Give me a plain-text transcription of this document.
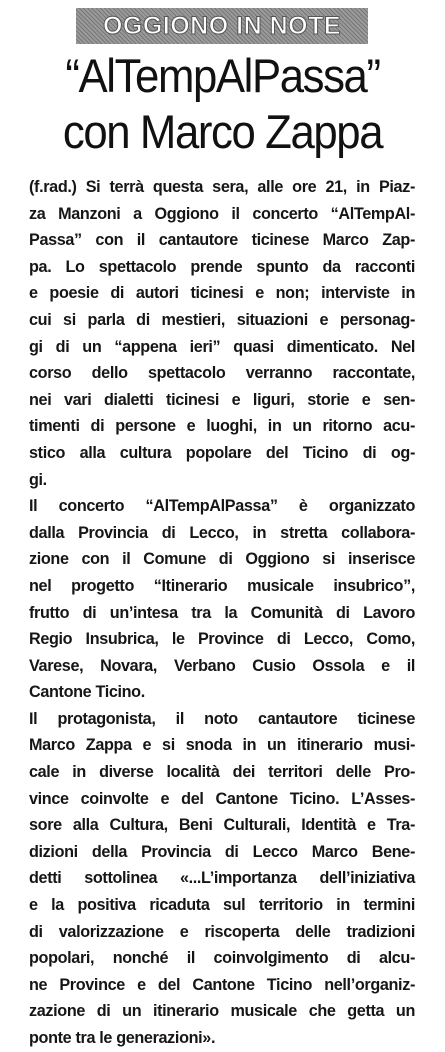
OGGIONO IN NOTE
“AlTempAlPassa”
con Marco Zappa

(f.rad.) Si terrà questa sera, alle ore 21, in Piaz-
za Manzoni a Oggiono il concerto “AlTempAl-
Passa” con il cantautore ticinese Marco Zap-
pa. Lo spettacolo prende spunto da racconti
e poesie di autori ticinesi e non; interviste in
cui si parla di mestieri, situazioni e personag-
gi di un “appena ieri” quasi dimenticato. Nel
corso dello spettacolo verranno raccontate,
nei vari dialetti ticinesi e liguri, storie e sen-
timenti di persone e luoghi, in un ritorno acu-
stico alla cultura popolare del Ticino di og-
gi.

Il concerto “AlTempAlPassa” è organizzato
dalla Provincia di Lecco, in stretta collabora-
zione con il Comune di Oggiono si inserisce
nel progetto “Itinerario musicale insubrico”,
frutto di un’intesa tra la Comunità di Lavoro
Regio Insubrica, le Province di Lecco, Como,
Varese, Novara, Verbano Cusio Ossola e il
Cantone Ticino.

Il protagonista, il noto cantautore ticinese
Marco Zappa e si snoda in un itinerario musi-
cale in diverse località dei territori delle Pro-
vince coinvolte e del Cantone Ticino. L’Asses-
sore alla Cultura, Beni Culturali, Identità e Tra-
dizioni della Provincia di Lecco Marco Bene-
detti sottolinea «...L’importanza dell’iniziativa
e la positiva ricaduta sul territorio in termini
di valorizzazione e riscoperta delle tradizioni
popolari, nonché il coinvolgimento di alcu-
ne Province e del Cantone Ticino nell’organiz-
zazione di un itinerario musicale che getta un
ponte tra le generazioni».
